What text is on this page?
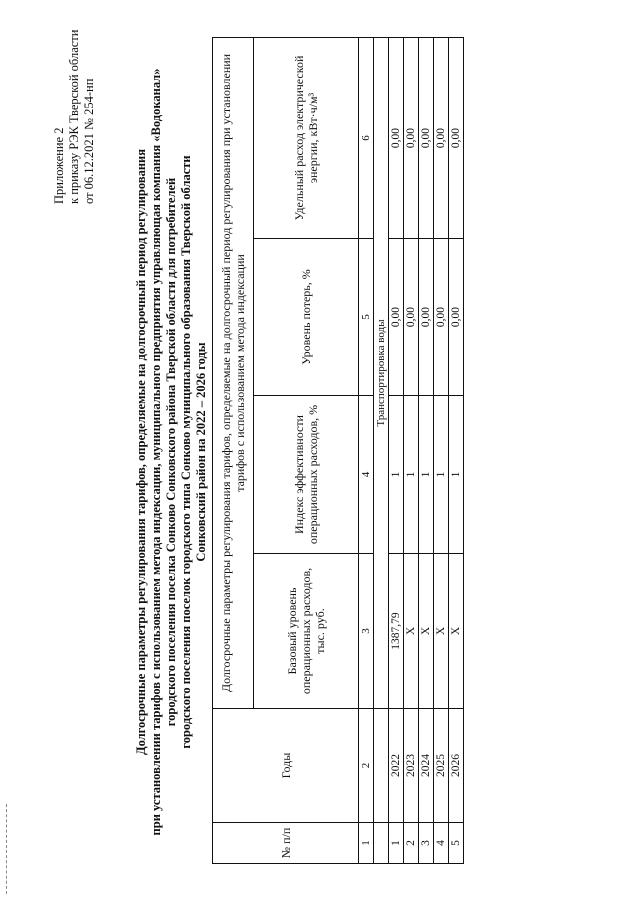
Приложение 2 к приказу РЭК Тверской области от 06.12.2021 № 254-нп
Долгосрочные параметры регулирования тарифов, определяемые на долгосрочный период регулирования при установлении тарифов с использованием метода индексации, муниципального предприятия управляющая компания «Водоканал» городского поселения поселка Сонково Сонковского района Тверской области для потребителей городского поселения поселок городского типа Сонково муниципального образования Тверской области Сонковский район на 2022 – 2026 годы
№ п/п	Годы	Долгосрочные параметры регулирования тарифов, определяемые на долгосрочный период регулирования при установлении тарифов с использованием метода индексации			
		Базовый уровень операционных расходов, тыс. руб.	Индекс эффективности операционных расходов, %	Уровень потерь, %	Удельный расход электрической энергии, кВт·ч/м³
1	2	3	4	5	6
		Транспортировка воды			
1	2022	1387,79	1	0,00	0,00
2	2023	Х	1	0,00	0,00
3	2024	Х	1	0,00	0,00
4	2025	Х	1	0,00	0,00
5	2026	Х	1	0,00	0,00
